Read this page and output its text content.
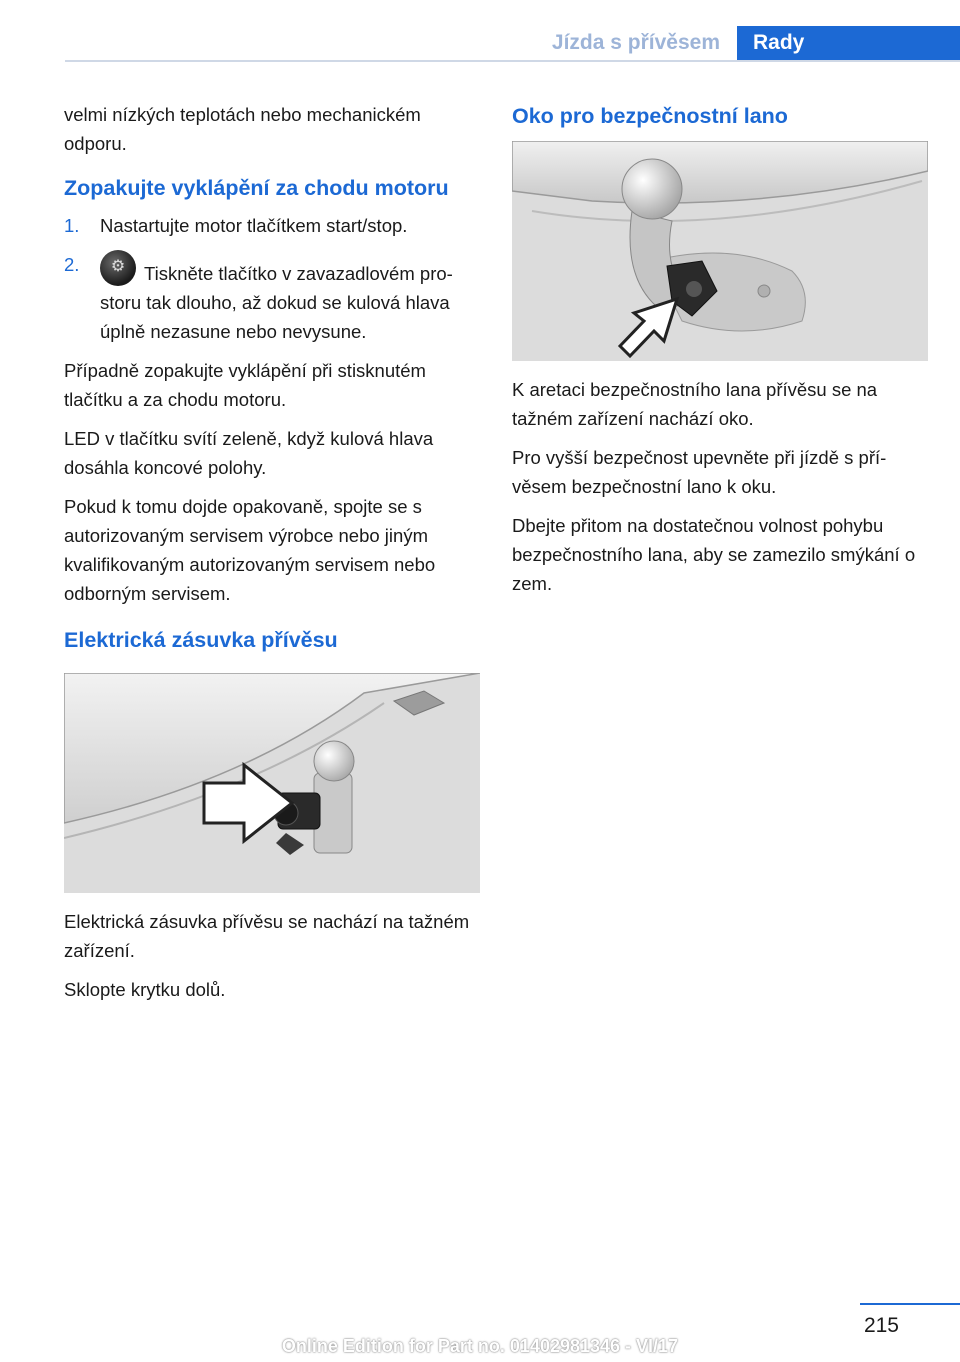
Jízda s přívěsem	Rady

velmi nízkých teplotách nebo mechanickém odporu.

Zopakujte vyklápění za chodu motoru
1. Nastartujte motor tlačítkem start/stop.
2.	⚙	Tiskněte tlačítko v zavazadlovém prostoru tak dlouho, až dokud se kulová hlava úplně nezasune nebo nevysune.

Případně zopakujte vyklápění při stisknutém tlačítku a za chodu motoru.

LED v tlačítku svítí zeleně, když kulová hlava dosáhla koncové polohy.

Pokud k tomu dojde opakovaně, spojte se s autorizovaným servisem výrobce nebo jiným kvalifikovaným autorizovaným servisem nebo odborným servisem.

Elektrická zásuvka přívěsu

Elektrická zásuvka přívěsu se nachází na tažném zařízení.

Sklopte krytku dolů.

Oko pro bezpečnostní lano

K aretaci bezpečnostního lana přívěsu se na tažném zařízení nachází oko.

Pro vyšší bezpečnost upevněte při jízdě s přívěsem bezpečnostní lano k oku.

Dbejte přitom na dostatečnou volnost pohybu bezpečnostního lana, aby se zamezilo smýkání o zem.

215
Online Edition for Part no. 01402981346 - VI/17
